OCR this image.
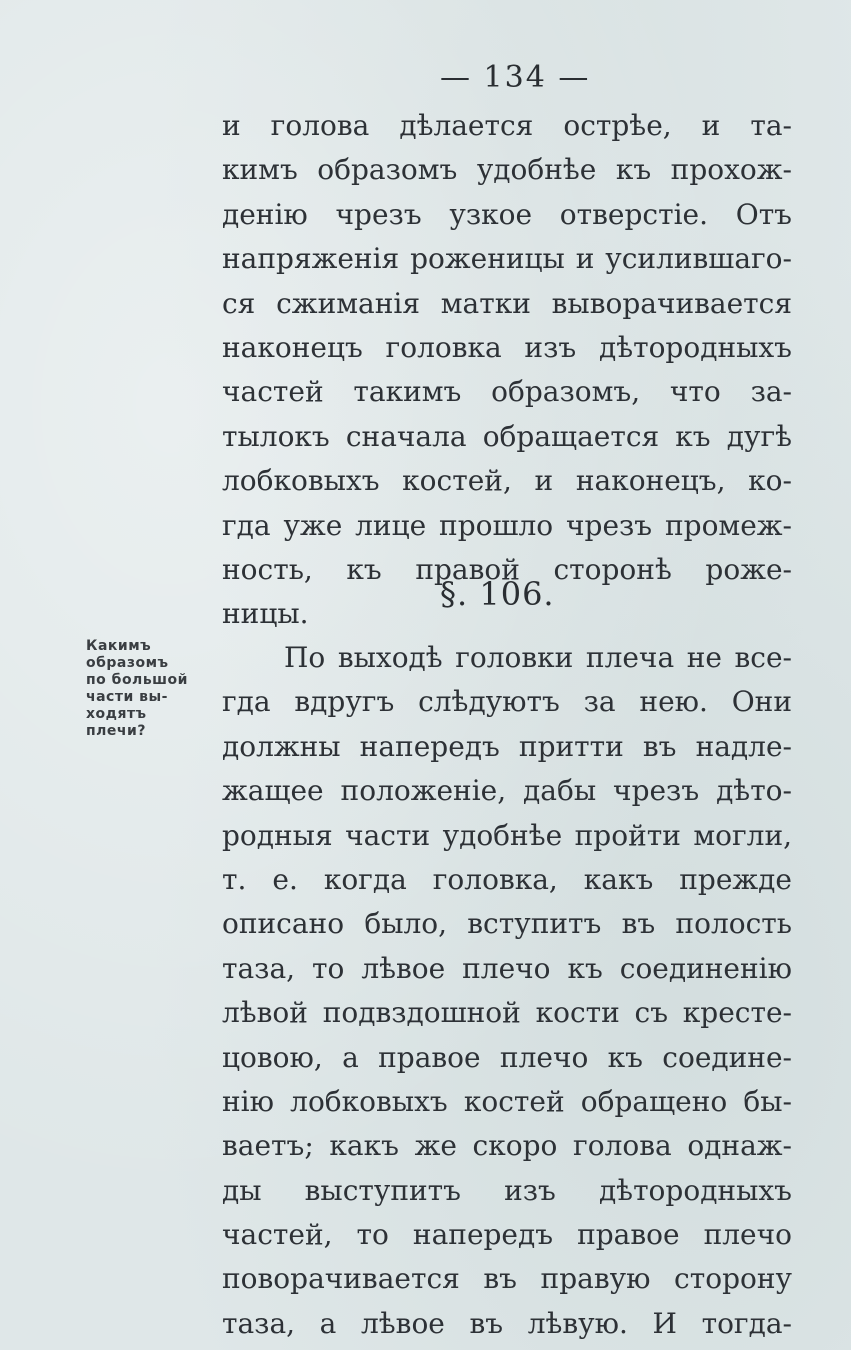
— 134 —
и голова дѣлается острѣе, и та-
кимъ образомъ удобнѣе къ прохож-
денію чрезъ узкое отверстіе. Отъ
напряженія роженицы и усилившаго-
ся сжиманія матки выворачивается
наконецъ головка изъ дѣтородныхъ
частей такимъ образомъ, что за-
тылокъ сначала обращается къ дугѣ
лобковыхъ костей, и наконецъ, ко-
гда уже лице прошло чрезъ промеж-
ность, къ правой сторонѣ роже-
ницы.
§. 106.
Какимъ
образомъ
по большой
части вы-
ходятъ
плечи?
По выходѣ головки плеча не все-
гда вдругъ слѣдуютъ за нею. Они
должны напередъ притти въ надле-
жащее положеніе, дабы чрезъ дѣто-
родныя части удобнѣе пройти могли,
т. е. когда головка, какъ прежде
описано было, вступитъ въ полость
таза, то лѣвое плечо къ соединенію
лѣвой подвздошной кости съ кресте-
цовою, а правое плечо къ соедине-
нію лобковыхъ костей обращено бы-
ваетъ; какъ же скоро голова однаж-
ды выступитъ изъ дѣтородныхъ
частей, то напередъ правое плечо
поворачивается въ правую сторону
таза, а лѣвое въ лѣвую. И тогда-
